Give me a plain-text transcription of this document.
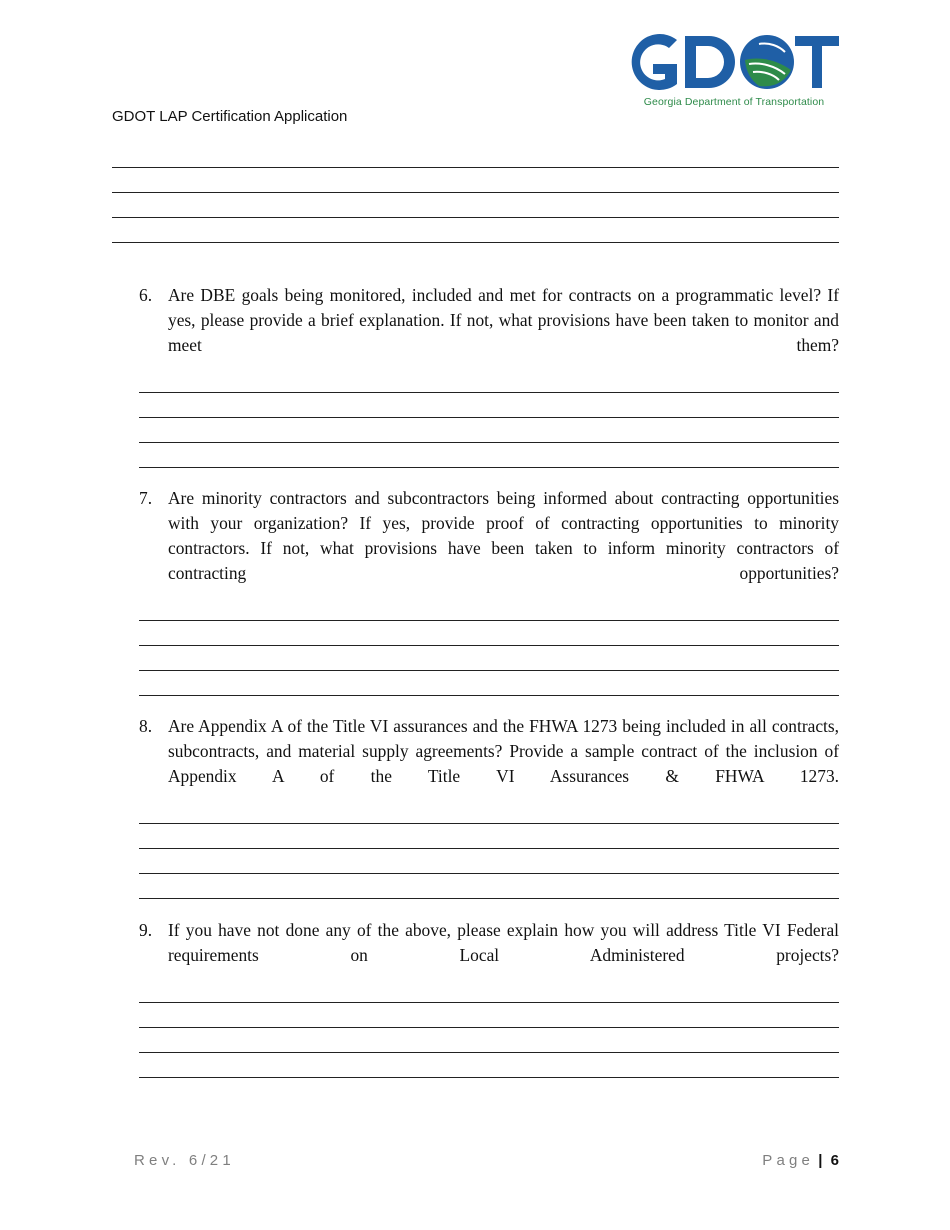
GDOT LAP Certification Application
Georgia Department of Transportation
6. Are DBE goals being monitored, included and met for contracts on a programmatic level? If yes, please provide a brief explanation. If not, what provisions have been taken to monitor and meet them?
7. Are minority contractors and subcontractors being informed about contracting opportunities with your organization? If yes, provide proof of contracting opportunities to minority contractors. If not, what provisions have been taken to inform minority contractors of contracting opportunities?
8. Are Appendix A of the Title VI assurances and the FHWA 1273 being included in all contracts, subcontracts, and material supply agreements? Provide a sample contract of the inclusion of Appendix A of the Title VI Assurances & FHWA 1273.
9. If you have not done any of the above, please explain how you will address Title VI Federal requirements on Local Administered projects?
Rev. 6/21	Page | 6
